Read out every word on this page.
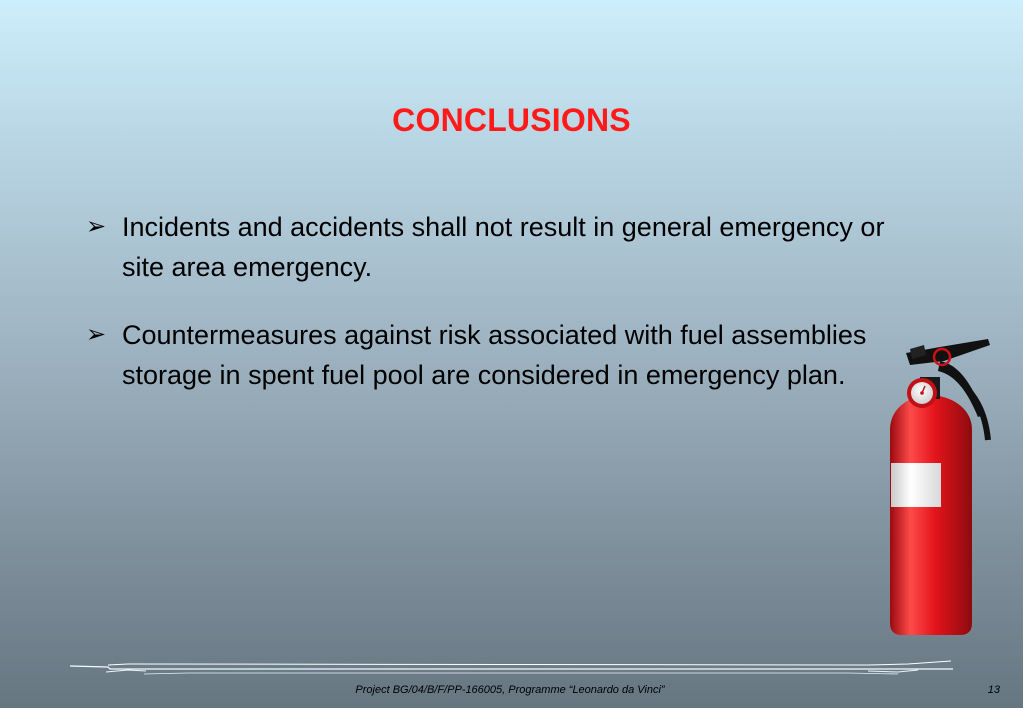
CONCLUSIONS
➢ Incidents and accidents shall not result in general emergency or site area emergency.
➢ Countermeasures against risk associated with fuel assemblies storage in spent fuel pool are considered in emergency plan.
Project BG/04/B/F/PP-166005, Programme “Leonardo da Vinci”	13
